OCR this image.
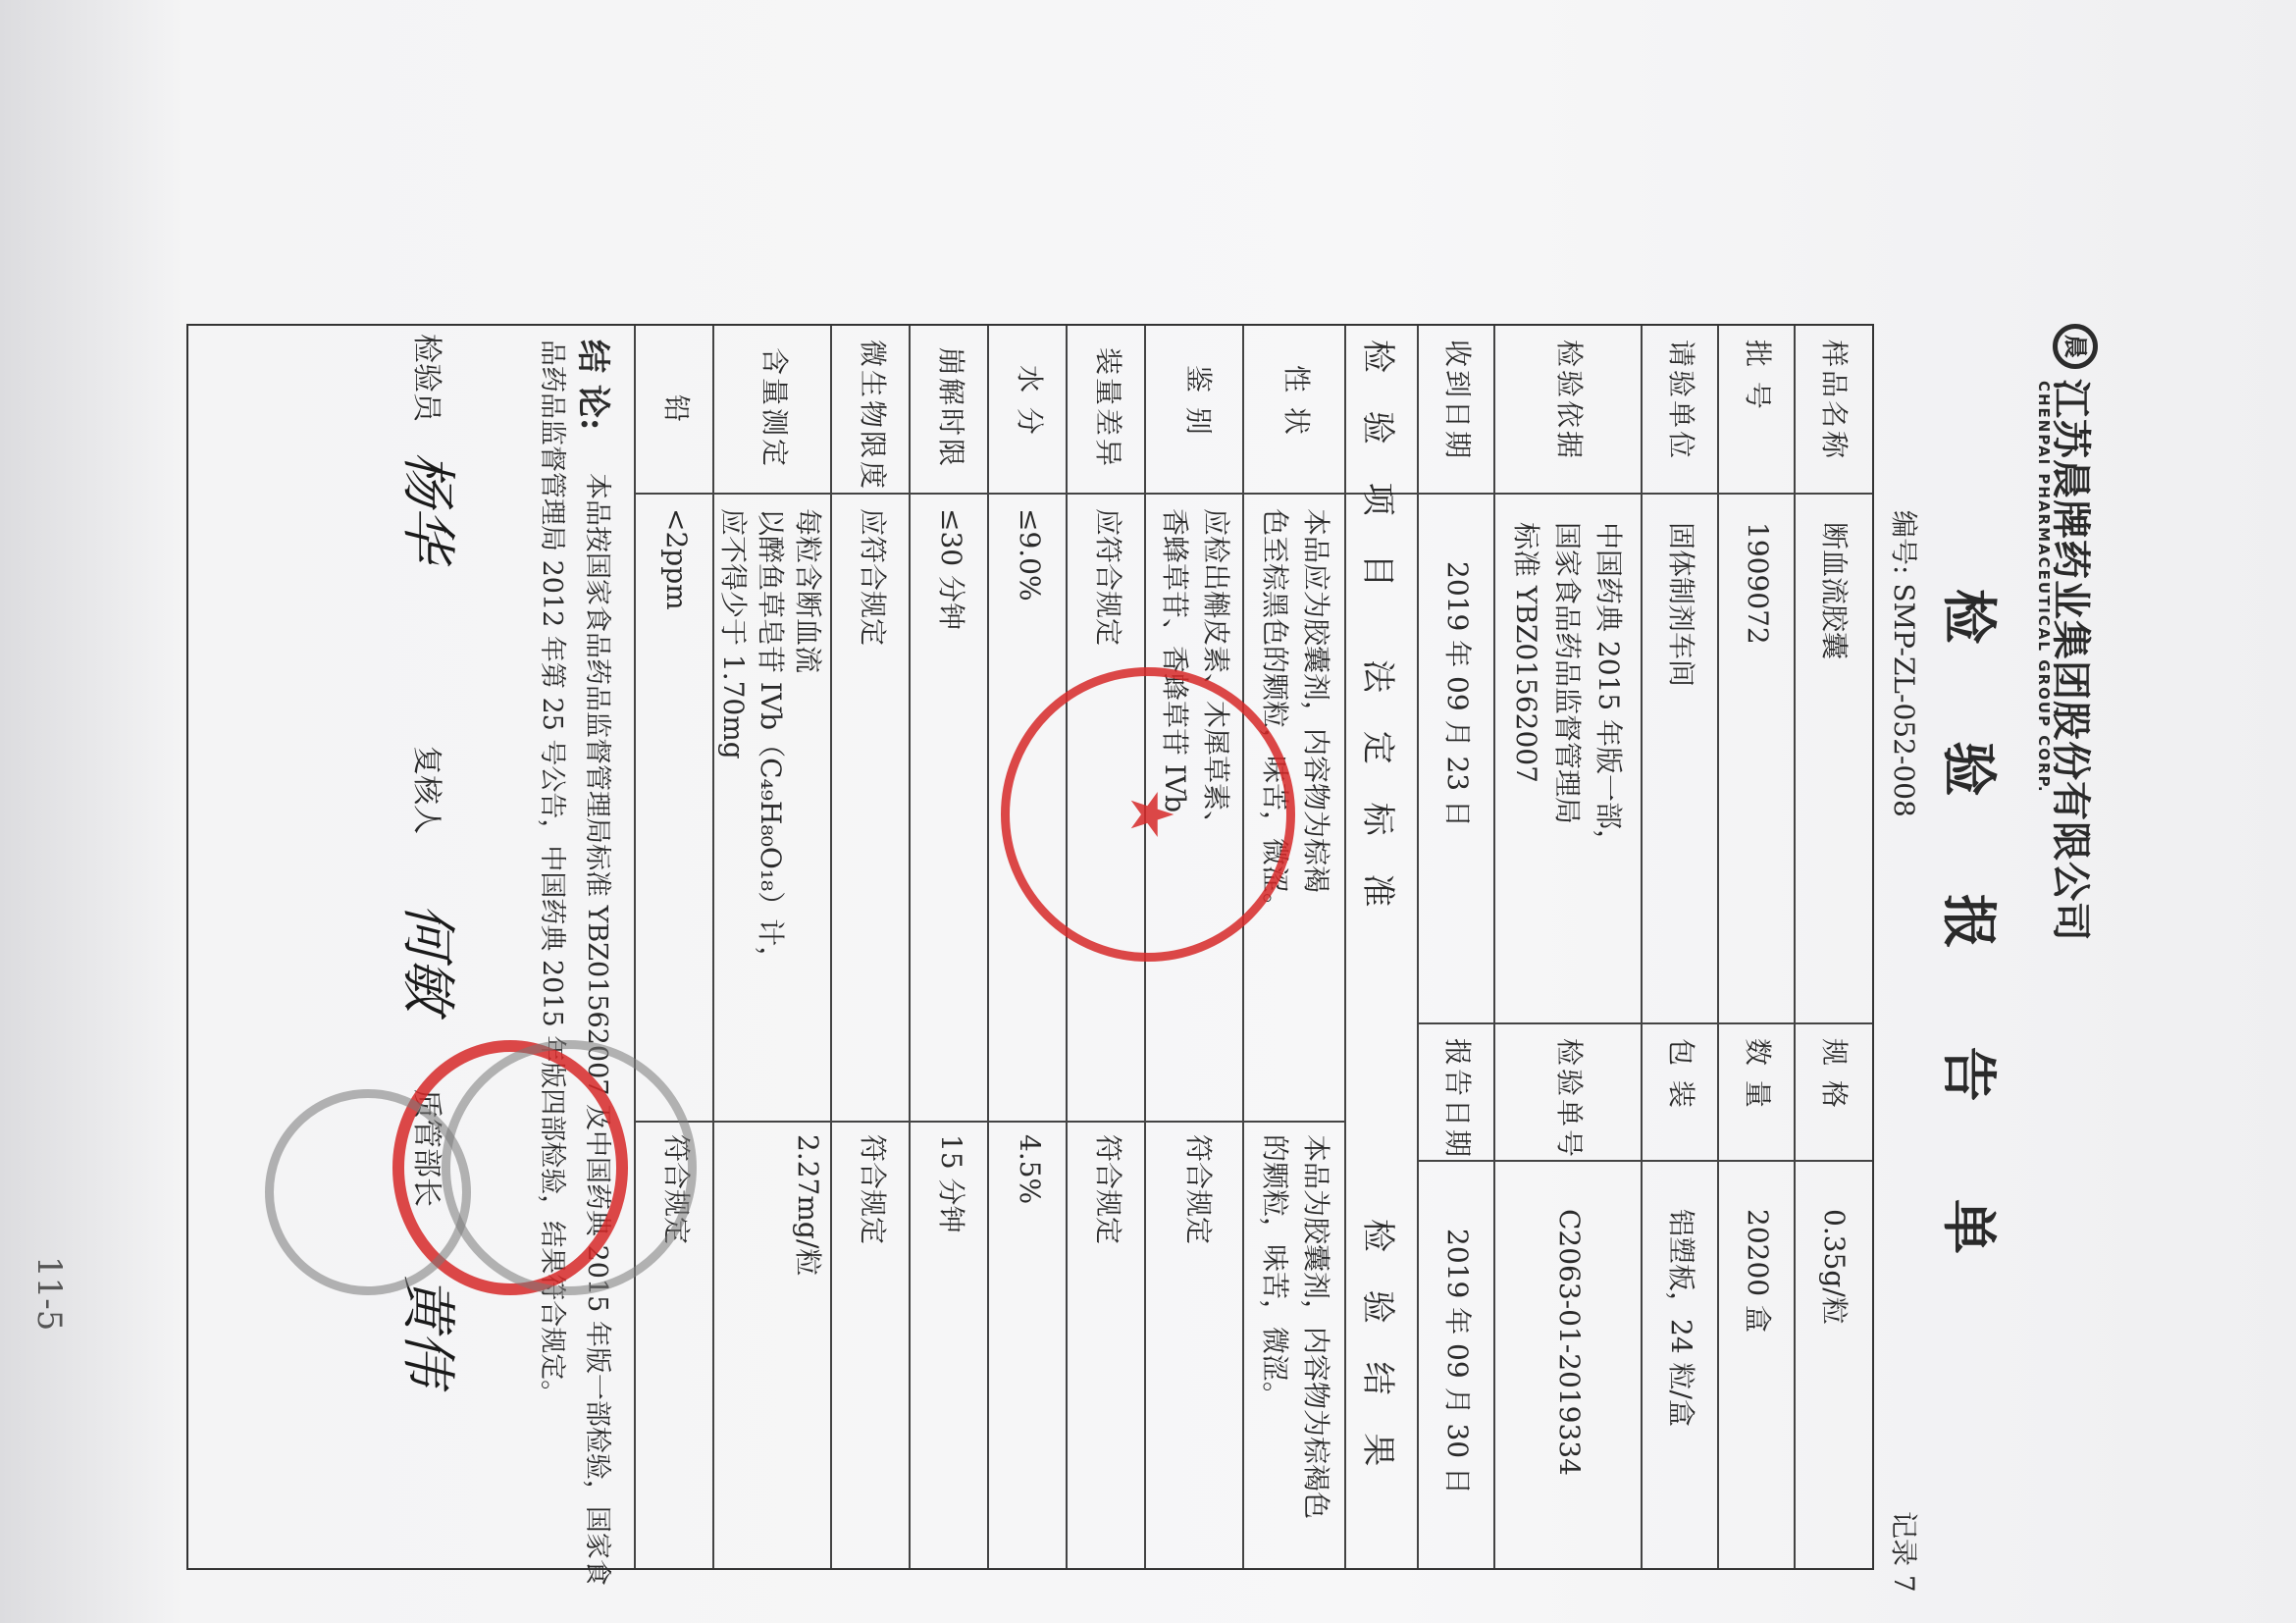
晨
江苏晨牌药业集团股份有限公司
CHENPAI PHARMACEUTICAL GROUP CORP.
检 验 报 告 单
编号: SMP-ZL-052-008
记录 7
样品名称
断血流胶囊
规 格
0.35g/粒
批 号
1909072
数 量
20200 盒
请验单位
固体制剂车间
包 装
铝塑板，24 粒/盒
检验依据
中国药典 2015 年版一部，
国家食品药品监督管理局
标准 YBZ01562007
检验单号
C2063-01-2019334
收到日期
2019 年 09 月 23 日
报告日期
2019 年 09 月 30 日
检 验 项 目
法 定 标 准
检 验 结 果
性 状
本品应为胶囊剂，内容物为棕褐
色至棕黑色的颗粒，味苦，微涩。
本品为胶囊剂，内容物为棕褐色
的颗粒，味苦，微涩。
鉴 别
应检出槲皮素、木犀草素、
香蜂草苷、香蜂草苷 IVb
符合规定
装量差异
应符合规定
符合规定
水 分
≤9.0%
4.5%
崩解时限
≤30 分钟
15 分钟
微生物限度
应符合规定
符合规定
含量测定
每粒含断血流
以醉鱼草皂苷 IVb（C₄₉H₈₀O₁₈）计，
应不得少于 1.70mg
2.27mg/粒
铅
<2ppm
符合规定
结 论:
本品按国家食品药品监督管理局标准 YBZ01562007 及中国药典 2015 年版一部检验，国家食
品药品监督管理局 2012 年第 25 号公告，中国药典 2015 年版四部检验，结果符合规定。
检验员
杨华
复核人
何敏
质管部长
黄伟
★
11-5
